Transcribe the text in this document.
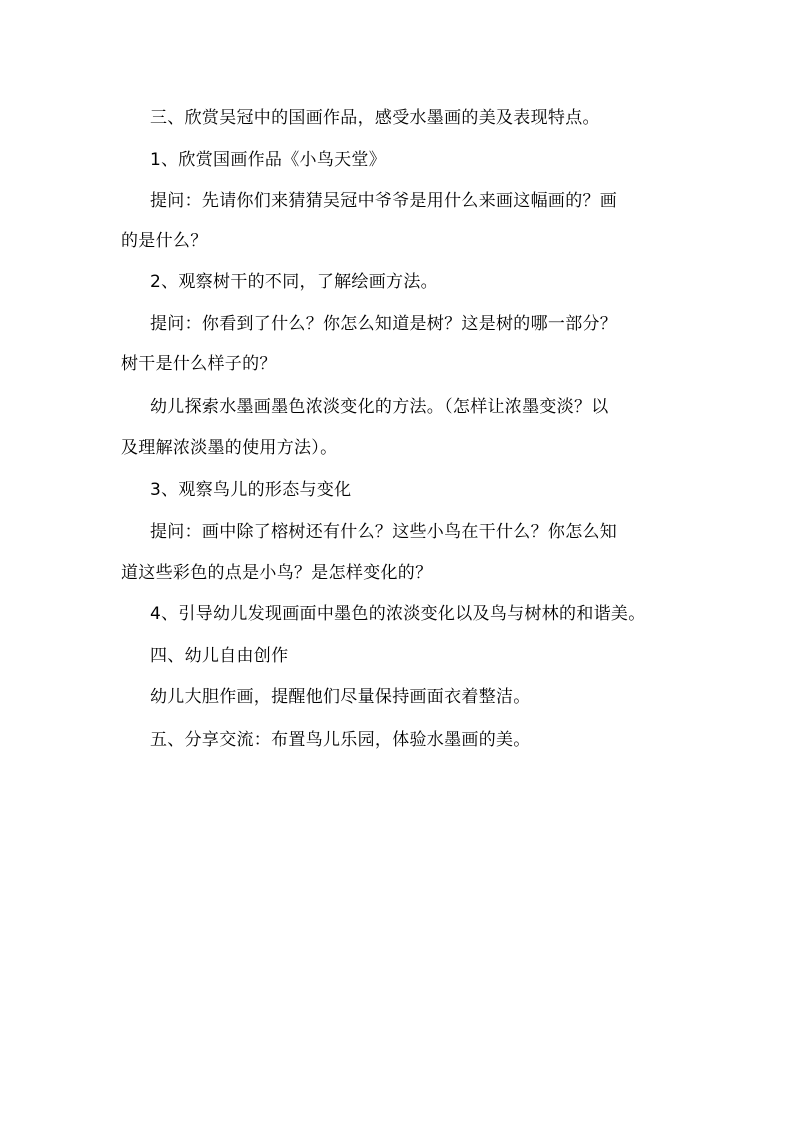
三、欣赏吴冠中的国画作品，感受水墨画的美及表现特点。
1、欣赏国画作品《小鸟天堂》
提问：先请你们来猜猜吴冠中爷爷是用什么来画这幅画的？画
的是什么？
2、观察树干的不同，了解绘画方法。
提问：你看到了什么？你怎么知道是树？这是树的哪一部分？
树干是什么样子的？
幼儿探索水墨画墨色浓淡变化的方法。（怎样让浓墨变淡？以
及理解浓淡墨的使用方法）。
3、观察鸟儿的形态与变化
提问：画中除了榕树还有什么？这些小鸟在干什么？你怎么知
道这些彩色的点是小鸟？是怎样变化的？
4、引导幼儿发现画面中墨色的浓淡变化以及鸟与树林的和谐美。
四、幼儿自由创作
幼儿大胆作画，提醒他们尽量保持画面衣着整洁。
五、分享交流：布置鸟儿乐园，体验水墨画的美。
